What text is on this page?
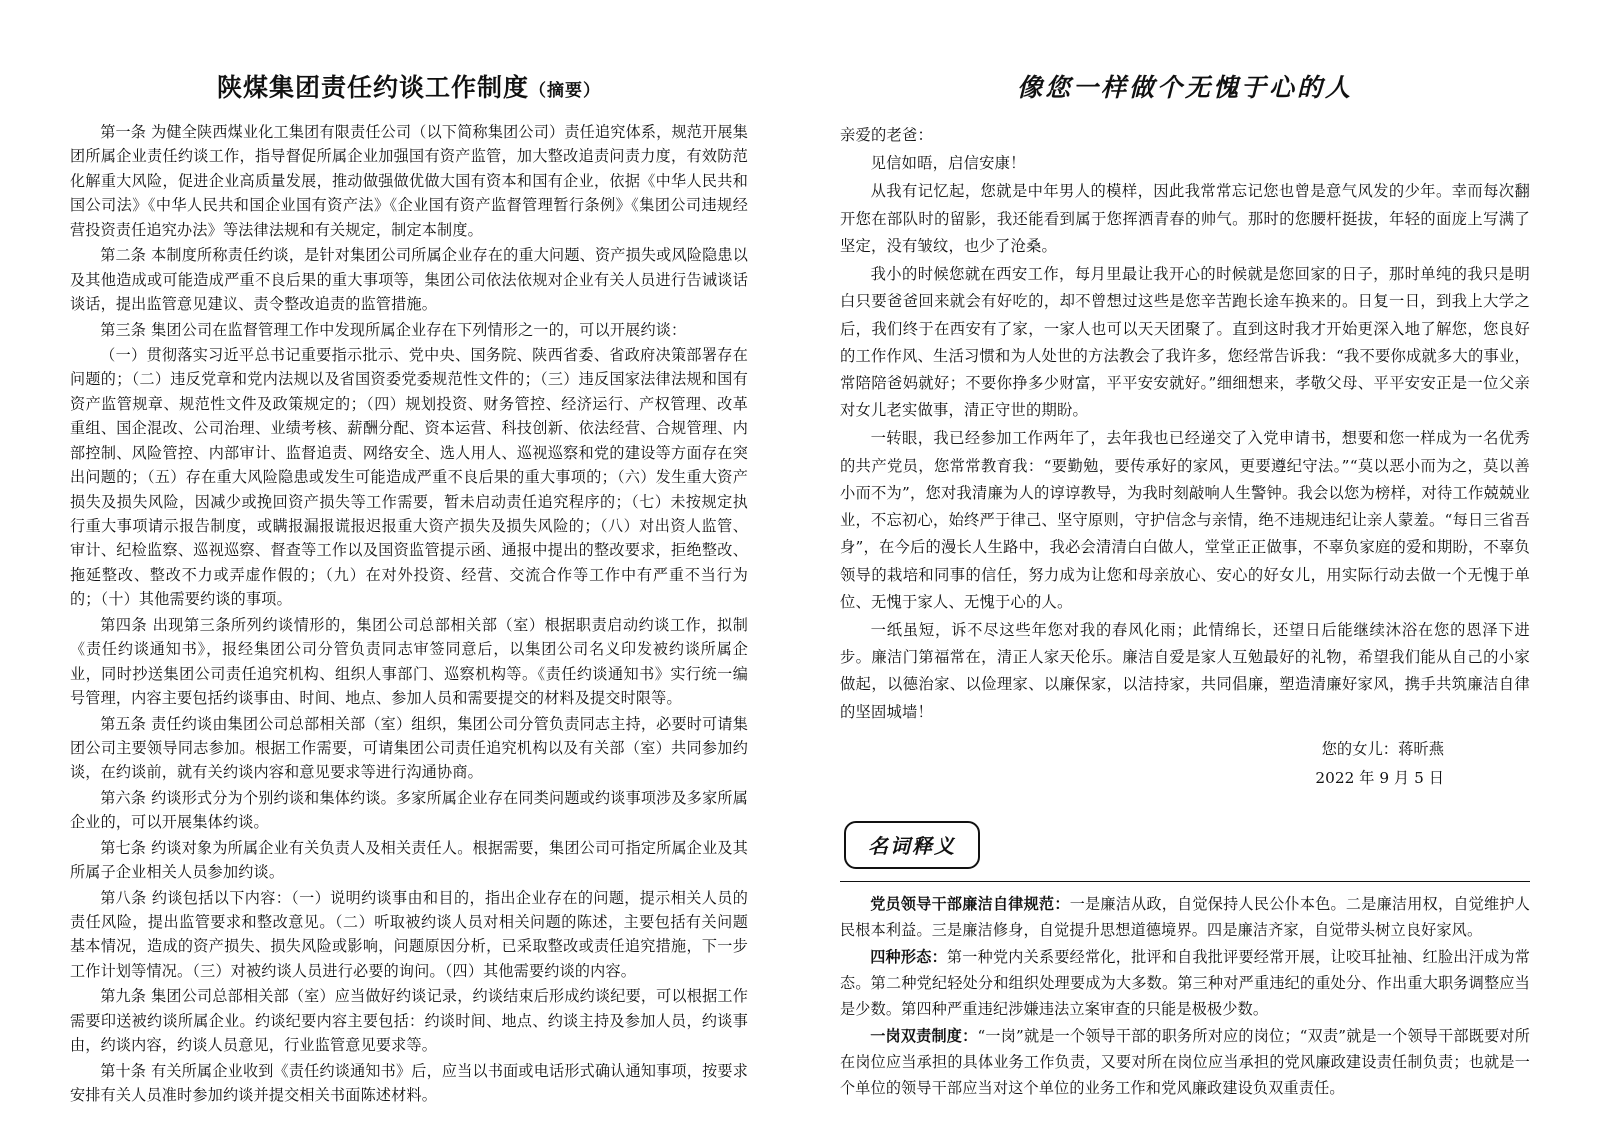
陕煤集团责任约谈工作制度（摘要）

第一条 为健全陕西煤业化工集团有限责任公司（以下简称集团公司）责任追究体系，规范开展集团所属企业责任约谈工作，指导督促所属企业加强国有资产监管，加大整改追责问责力度，有效防范化解重大风险，促进企业高质量发展，推动做强做优做大国有资本和国有企业，依据《中华人民共和国公司法》《中华人民共和国企业国有资产法》《企业国有资产监督管理暂行条例》《集团公司违规经营投资责任追究办法》等法律法规和有关规定，制定本制度。

第二条 本制度所称责任约谈，是针对集团公司所属企业存在的重大问题、资产损失或风险隐患以及其他造成或可能造成严重不良后果的重大事项等，集团公司依法依规对企业有关人员进行告诫谈话谈话，提出监管意见建议、责令整改追责的监管措施。

第三条 集团公司在监督管理工作中发现所属企业存在下列情形之一的，可以开展约谈：

（一）贯彻落实习近平总书记重要指示批示、党中央、国务院、陕西省委、省政府决策部署存在问题的；（二）违反党章和党内法规以及省国资委党委规范性文件的；（三）违反国家法律法规和国有资产监管规章、规范性文件及政策规定的；（四）规划投资、财务管控、经济运行、产权管理、改革重组、国企混改、公司治理、业绩考核、薪酬分配、资本运营、科技创新、依法经营、合规管理、内部控制、风险管控、内部审计、监督追责、网络安全、选人用人、巡视巡察和党的建设等方面存在突出问题的；（五）存在重大风险隐患或发生可能造成严重不良后果的重大事项的；（六）发生重大资产损失及损失风险，因减少或挽回资产损失等工作需要，暂未启动责任追究程序的；（七）未按规定执行重大事项请示报告制度，或瞒报漏报谎报迟报重大资产损失及损失风险的；（八）对出资人监管、审计、纪检监察、巡视巡察、督查等工作以及国资监管提示函、通报中提出的整改要求，拒绝整改、拖延整改、整改不力或弄虚作假的；（九）在对外投资、经营、交流合作等工作中有严重不当行为的；（十）其他需要约谈的事项。

第四条 出现第三条所列约谈情形的，集团公司总部相关部（室）根据职责启动约谈工作，拟制《责任约谈通知书》，报经集团公司分管负责同志审签同意后，以集团公司名义印发被约谈所属企业，同时抄送集团公司责任追究机构、组织人事部门、巡察机构等。《责任约谈通知书》实行统一编号管理，内容主要包括约谈事由、时间、地点、参加人员和需要提交的材料及提交时限等。

第五条 责任约谈由集团公司总部相关部（室）组织，集团公司分管负责同志主持，必要时可请集团公司主要领导同志参加。根据工作需要，可请集团公司责任追究机构以及有关部（室）共同参加约谈，在约谈前，就有关约谈内容和意见要求等进行沟通协商。

第六条 约谈形式分为个别约谈和集体约谈。多家所属企业存在同类问题或约谈事项涉及多家所属企业的，可以开展集体约谈。

第七条 约谈对象为所属企业有关负责人及相关责任人。根据需要，集团公司可指定所属企业及其所属子企业相关人员参加约谈。

第八条 约谈包括以下内容：（一）说明约谈事由和目的，指出企业存在的问题，提示相关人员的责任风险，提出监管要求和整改意见。（二）听取被约谈人员对相关问题的陈述，主要包括有关问题基本情况，造成的资产损失、损失风险或影响，问题原因分析，已采取整改或责任追究措施，下一步工作计划等情况。（三）对被约谈人员进行必要的询问。（四）其他需要约谈的内容。

第九条 集团公司总部相关部（室）应当做好约谈记录，约谈结束后形成约谈纪要，可以根据工作需要印送被约谈所属企业。约谈纪要内容主要包括：约谈时间、地点、约谈主持及参加人员，约谈事由，约谈内容，约谈人员意见，行业监管意见要求等。

第十条 有关所属企业收到《责任约谈通知书》后，应当以书面或电话形式确认通知事项，按要求安排有关人员准时参加约谈并提交相关书面陈述材料。

像您一样做个无愧于心的人

亲爱的老爸：

见信如晤，启信安康！

从我有记忆起，您就是中年男人的模样，因此我常常忘记您也曾是意气风发的少年。幸而每次翻开您在部队时的留影，我还能看到属于您挥洒青春的帅气。那时的您腰杆挺拔，年轻的面庞上写满了坚定，没有皱纹，也少了沧桑。

我小的时候您就在西安工作，每月里最让我开心的时候就是您回家的日子，那时单纯的我只是明白只要爸爸回来就会有好吃的，却不曾想过这些是您辛苦跑长途车换来的。日复一日，到我上大学之后，我们终于在西安有了家，一家人也可以天天团聚了。直到这时我才开始更深入地了解您，您良好的工作作风、生活习惯和为人处世的方法教会了我许多，您经常告诉我：“我不要你成就多大的事业，常陪陪爸妈就好；不要你挣多少财富，平平安安就好。”细细想来，孝敬父母、平平安安正是一位父亲对女儿老实做事，清正守世的期盼。

一转眼，我已经参加工作两年了，去年我也已经递交了入党申请书，想要和您一样成为一名优秀的共产党员，您常常教育我：“要勤勉，要传承好的家风，更要遵纪守法。”“莫以恶小而为之，莫以善小而不为”，您对我清廉为人的谆谆教导，为我时刻敲响人生警钟。我会以您为榜样，对待工作兢兢业业，不忘初心，始终严于律己、坚守原则，守护信念与亲情，绝不违规违纪让亲人蒙羞。“每日三省吾身”，在今后的漫长人生路中，我必会清清白白做人，堂堂正正做事，不辜负家庭的爱和期盼，不辜负领导的栽培和同事的信任，努力成为让您和母亲放心、安心的好女儿，用实际行动去做一个无愧于单位、无愧于家人、无愧于心的人。

一纸虽短，诉不尽这些年您对我的春风化雨；此情绵长，还望日后能继续沐浴在您的恩泽下进步。廉洁门第福常在，清正人家天伦乐。廉洁自爱是家人互勉最好的礼物，希望我们能从自己的小家做起，以德治家、以俭理家、以廉保家，以洁持家，共同倡廉，塑造清廉好家风，携手共筑廉洁自律的坚固城墙！

您的女儿：蒋昕燕
2022 年 9 月 5 日
名词释义

党员领导干部廉洁自律规范：一是廉洁从政，自觉保持人民公仆本色。二是廉洁用权，自觉维护人民根本利益。三是廉洁修身，自觉提升思想道德境界。四是廉洁齐家，自觉带头树立良好家风。

四种形态：第一种党内关系要经常化，批评和自我批评要经常开展，让咬耳扯袖、红脸出汗成为常态。第二种党纪轻处分和组织处理要成为大多数。第三种对严重违纪的重处分、作出重大职务调整应当是少数。第四种严重违纪涉嫌违法立案审查的只能是极极少数。

一岗双责制度：“一岗”就是一个领导干部的职务所对应的岗位；“双责”就是一个领导干部既要对所在岗位应当承担的具体业务工作负责，又要对所在岗位应当承担的党风廉政建设责任制负责；也就是一个单位的领导干部应当对这个单位的业务工作和党风廉政建设负双重责任。
